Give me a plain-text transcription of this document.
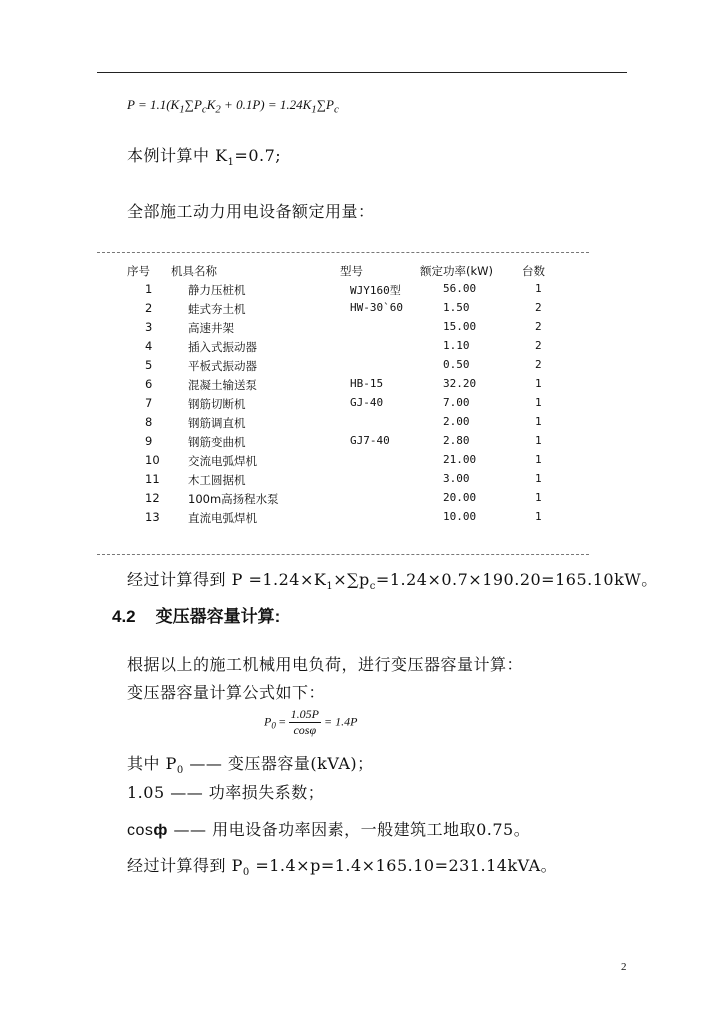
$P = 1.1(K_1\sum P_cK_2 + 0.1P) = 1.24K_1\sum P_c$
本例计算中 $K_1=0.7$;
全部施工动力用电设备额定用量：
序号 机具名称	型号	额定功率(kW)	台数
1	静力压桩机	WJY160型	56.00	1
2	蛙式夯土机	HW-30`60	1.50	2
3	高速井架	15.00	2
4	插入式振动器	1.10	2
5	平板式振动器	0.50	2
6	混凝土输送泵	HB-15	32.20	1
7	钢筋切断机	GJ-40	7.00	1
8	钢筋调直机	2.00	1
9	钢筋变曲机	GJ7-40	2.80	1
10 交流电弧焊机	21.00	1
11 木工圆据机	3.00	1
12 100m高扬程水泵	20.00	1
13 直流电弧焊机	10.00	1
经过计算得到 $P =1.24\times K_1\times\sum p_c=1.24\times 0.7\times 190.20=165.10kW$。
4.2 变压器容量计算:
根据以上的施工机械用电负荷，进行变压器容量计算：
变压器容量计算公式如下：
$P_0 = \frac{1.05P}{\cos\varphi} = 1.4P$
其中 $P_0$ —— 变压器容量(kVA)；
1.05 —— 功率损失系数；
cosф —— 用电设备功率因素，一般建筑工地取0.75。
经过计算得到 $P_0 =1.4\times p=1.4\times 165.10=231.14kVA$。
2
